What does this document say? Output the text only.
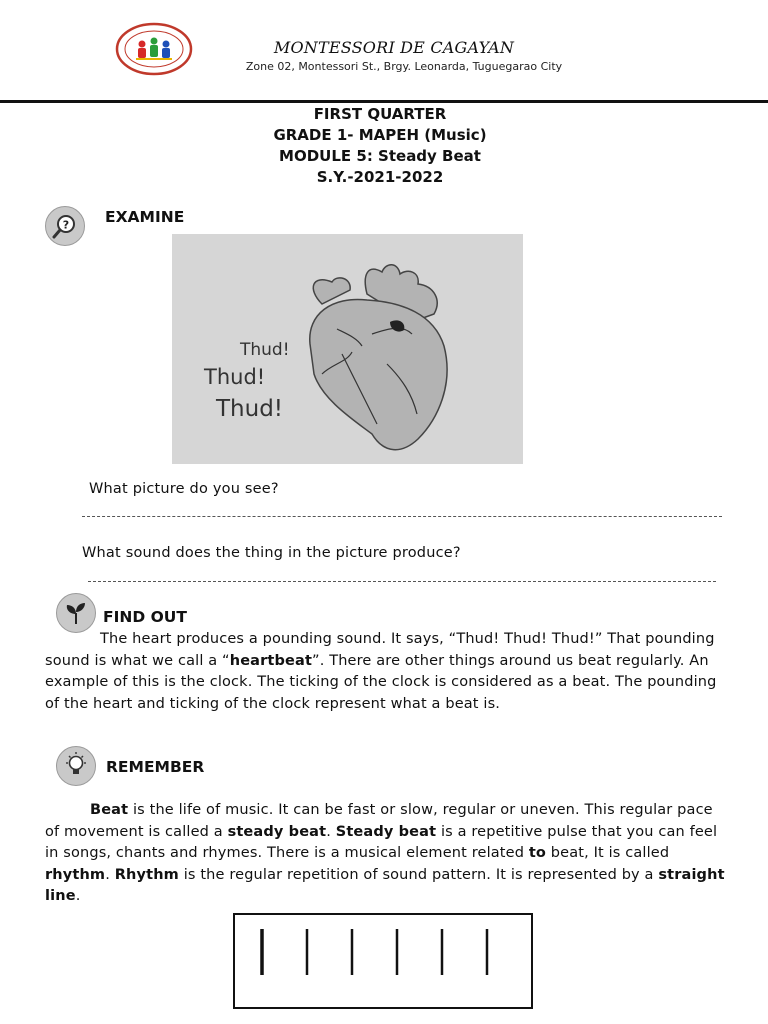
MONTESSORI DE CAGAYAN
Zone 02, Montessori St., Brgy. Leonarda, Tuguegarao City
FIRST QUARTER
GRADE 1- MAPEH (Music)
MODULE 5: Steady Beat
S.Y.-2021-2022
? EXAMINE
Thud!
Thud!
Thud!
What picture do you see?
What sound does the thing in the picture produce?
FIND OUT
The heart produces a pounding sound. It says, “Thud! Thud! Thud!” That pounding sound is what we call a “heartbeat”. There are other things around us beat regularly. An example of this is the clock. The ticking of the clock is considered as a beat. The pounding of the heart and ticking of the clock represent what a beat is.
REMEMBER
Beat is the life of music. It can be fast or slow, regular or uneven. This regular pace of movement is called a steady beat. Steady beat is a repetitive pulse that you can feel in songs, chants and rhymes. There is a musical element related to beat, It is called rhythm. Rhythm is the regular repetition of sound pattern. It is represented by a straight line.
